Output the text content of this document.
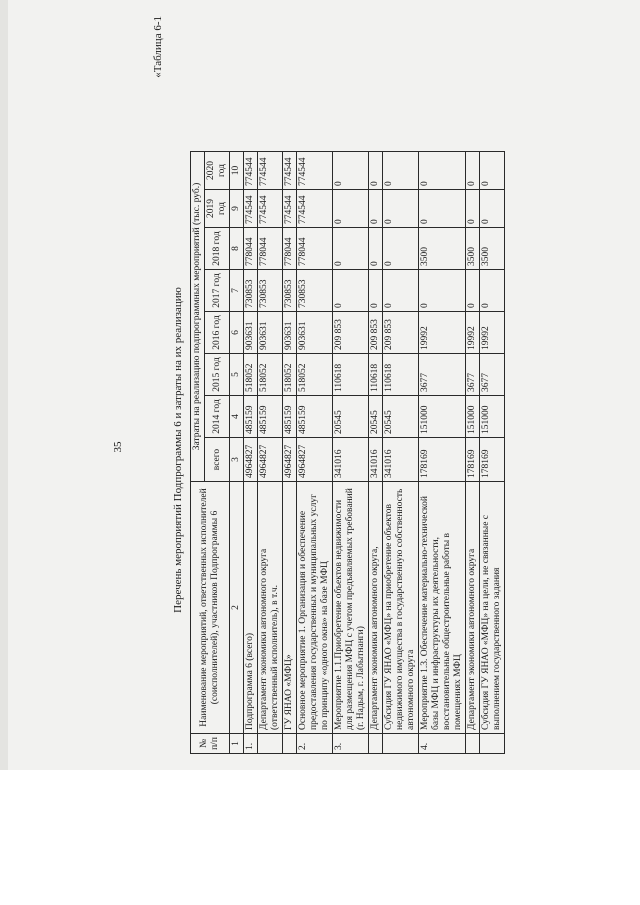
35
«Таблица 6-1
Перечень мероприятий Подпрограммы 6 и затраты на их реализацию
№ п/п	Наименование мероприятий, ответственных исполнителей (соисполнителей), участников Подпрограммы 6	Затраты на реализацию подпрограммных мероприятий (тыс. руб.)							
		всего	2014 год	2015 год	2016 год	2017 год	2018 год	2019 год	2020 год
1	2	3	4	5	6	7	8	9	10
1.	Подпрограмма 6 (всего)	4964827	485159	518052	903631	730853	778044	774544	774544
	Департамент экономики автономного округа (ответственный исполнитель), в т.ч.	4964827	485159	518052	903631	730853	778044	774544	774544
	ГУ ЯНАО «МФЦ»	4964827	485159	518052	903631	730853	778044	774544	774544
2.	Основное мероприятие 1. Организация и обеспечение предоставления государственных и муниципальных услуг по принципу «одного окна» на базе МФЦ	4964827	485159	518052	903631	730853	778044	774544	774544
3.	Мероприятие 1.1.Приобретение объектов недвижимости для размещения МФЦ с учетом предъявляемых требований (г. Надым, г. Лабытнанги)	341016	20545	110618	209 853	0	0	0	0
	Департамент экономики автономного округа,	341016	20545	110618	209 853	0	0	0	0
	Субсидия ГУ ЯНАО «МФЦ» на приобретение объектов недвижимого имущества в государственную собственность автономного округа	341016	20545	110618	209 853	0	0	0	0
4.	Мероприятие 1.3. Обеспечение материально-технической базы МФЦ и инфраструктуры их деятельности, восстановительные общестроительные работы в помещениях МФЦ	178169	151000	3677	19992	0	3500	0	0
	Департамент экономики автономного округа	178169	151000	3677	19992	0	3500	0	0
	Субсидия ГУ ЯНАО «МФЦ» на цели, не связанные с выполнением государственного задания	178169	151000	3677	19992	0	3500	0	0
